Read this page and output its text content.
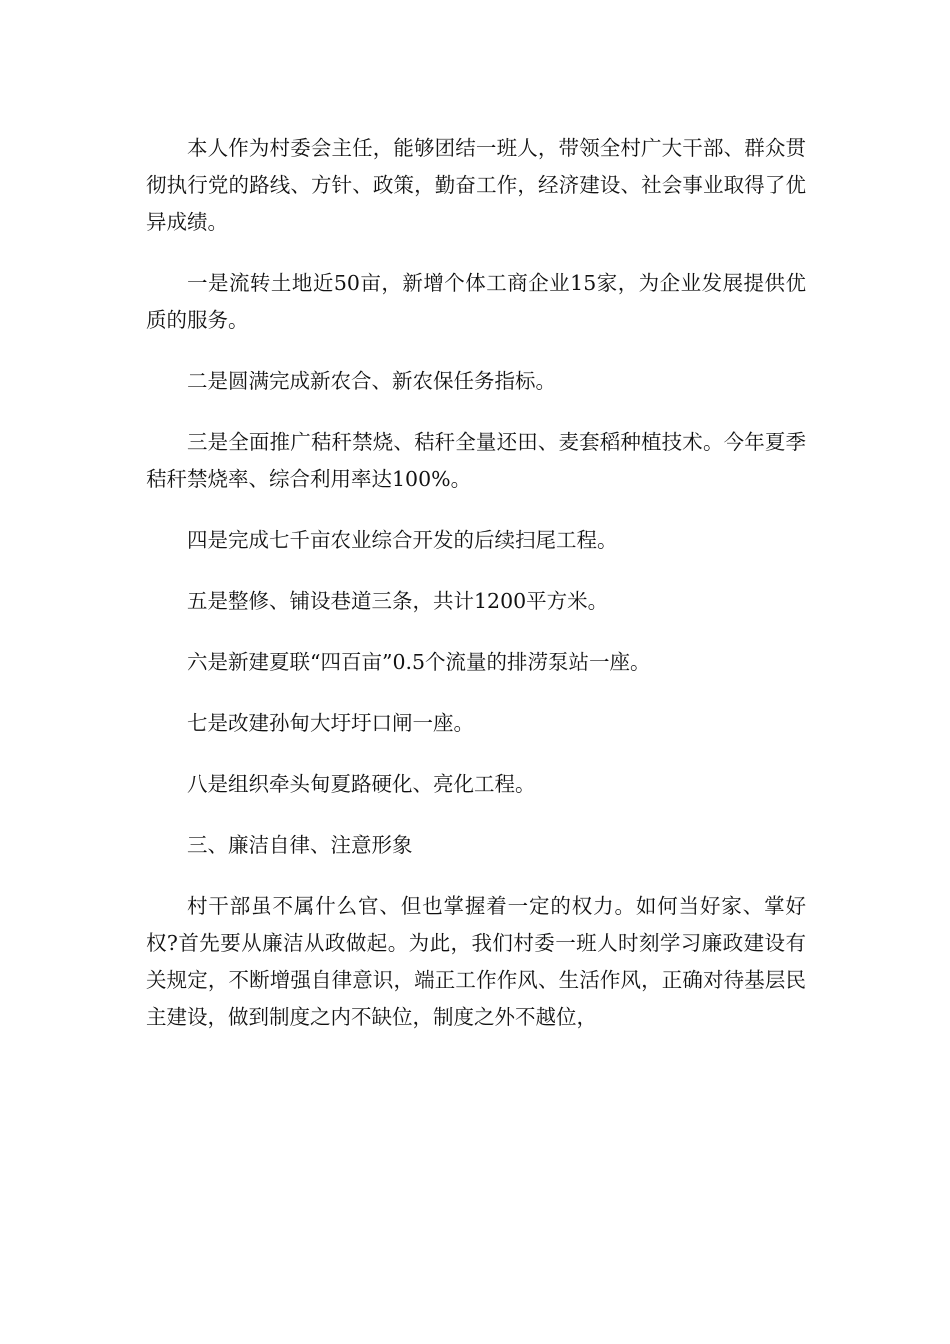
本人作为村委会主任，能够团结一班人，带领全村广大干部、群众贯彻执行党的路线、方针、政策，勤奋工作，经济建设、社会事业取得了优异成绩。

一是流转土地近50亩，新增个体工商企业15家，为企业发展提供优质的服务。

二是圆满完成新农合、新农保任务指标。

三是全面推广秸秆禁烧、秸秆全量还田、麦套稻种植技术。今年夏季秸秆禁烧率、综合利用率达100%。

四是完成七千亩农业综合开发的后续扫尾工程。

五是整修、铺设巷道三条，共计1200平方米。

六是新建夏联“四百亩”0.5个流量的排涝泵站一座。

七是改建孙甸大圩圩口闸一座。

八是组织牵头甸夏路硬化、亮化工程。

三、廉洁自律、注意形象

村干部虽不属什么官、但也掌握着一定的权力。如何当好家、掌好权?首先要从廉洁从政做起。为此，我们村委一班人时刻学习廉政建设有关规定，不断增强自律意识，端正工作作风、生活作风，正确对待基层民主建设，做到制度之内不缺位，制度之外不越位，
